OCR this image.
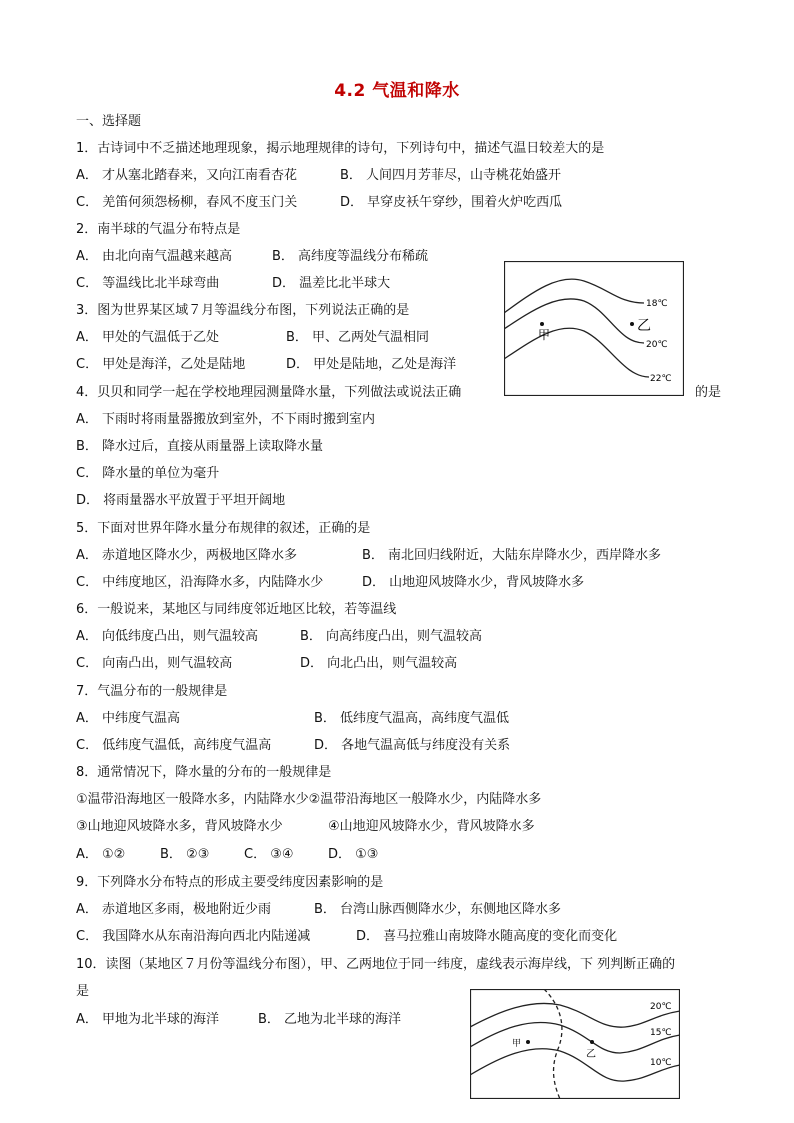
4.2 气温和降水
一、选择题
1．古诗词中不乏描述地理现象，揭示地理规律的诗句，下列诗句中，描述气温日较差大的是
A． 才从塞北踏春来，又向江南看杏花	B． 人间四月芳菲尽，山寺桃花始盛开
C． 羌笛何须怨杨柳，春风不度玉门关	D． 早穿皮袄午穿纱，围着火炉吃西瓜
2．南半球的气温分布特点是
A． 由北向南气温越来越高	B． 高纬度等温线分布稀疏
C． 等温线比北半球弯曲	D． 温差比北半球大
3．图为世界某区域７月等温线分布图，下列说法正确的是
A． 甲处的气温低于乙处	B． 甲、乙两处气温相同
C． 甲处是海洋，乙处是陆地	D． 甲处是陆地，乙处是海洋
甲
乙
18℃
20℃
22℃
4．贝贝和同学一起在学校地理园测量降水量，下列做法或说法正确	的是
A． 下雨时将雨量器搬放到室外，不下雨时搬到室内
B． 降水过后，直接从雨量器上读取降水量
C． 降水量的单位为毫升
D． 将雨量器水平放置于平坦开阔地
5．下面对世界年降水量分布规律的叙述，正确的是
A． 赤道地区降水少，两极地区降水多	B． 南北回归线附近，大陆东岸降水少，西岸降水多
C． 中纬度地区，沿海降水多，内陆降水少	D． 山地迎风坡降水少，背风坡降水多
6．一般说来，某地区与同纬度邻近地区比较，若等温线
A． 向低纬度凸出，则气温较高	B． 向高纬度凸出，则气温较高
C． 向南凸出，则气温较高	D． 向北凸出，则气温较高
7．气温分布的一般规律是
A． 中纬度气温高	B． 低纬度气温高，高纬度气温低
C． 低纬度气温低，高纬度气温高	D． 各地气温高低与纬度没有关系
8．通常情况下，降水量的分布的一般规律是
①温带沿海地区一般降水多，内陆降水少②温带沿海地区一般降水少，内陆降水多
③山地迎风坡降水多，背风坡降水少	④山地迎风坡降水少，背风坡降水多
A． ①②	B． ②③	C． ③④	D． ①③
9．下列降水分布特点的形成主要受纬度因素影响的是
A． 赤道地区多雨，极地附近少雨	B． 台湾山脉西侧降水少，东侧地区降水多
C． 我国降水从东南沿海向西北内陆递减	D． 喜马拉雅山南坡降水随高度的变化而变化
10．读图（某地区７月份等温线分布图），甲、乙两地位于同一纬度，虚线表示海岸线，下 列判断正确的
是
A． 甲地为北半球的海洋	B． 乙地为北半球的海洋
甲
乙
20℃
15℃
10℃
